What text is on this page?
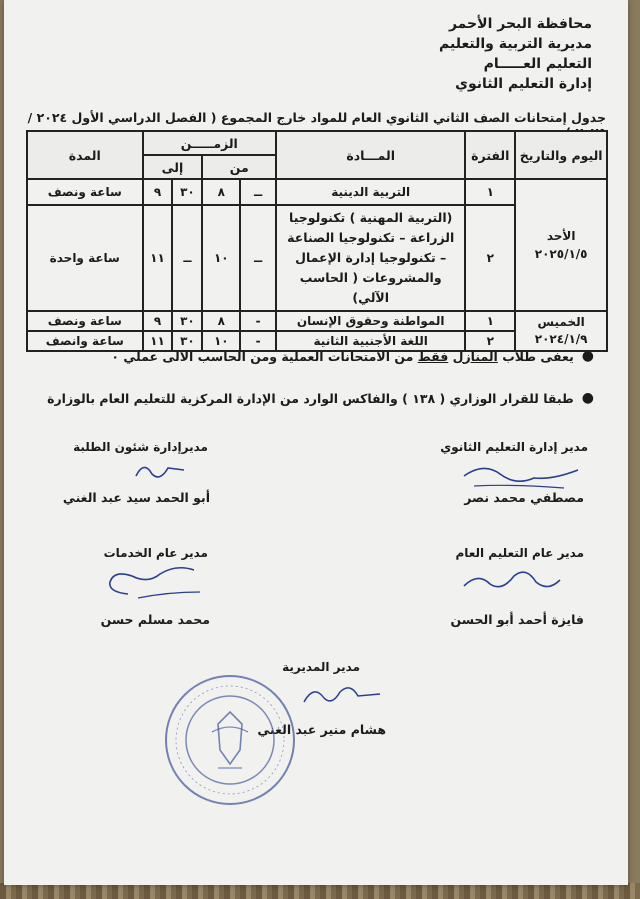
محافظة البحر الأحمر
مديرية التربية والتعليم
التعليم العـــــام
إدارة التعليم الثانوي
جدول إمتحانات الصف الثاني الثانوي العام للمواد خارج المجموع ( الفصل الدراسي الأول ٢٠٢٤ /
اليوم والتاريخ	الفترة	المـــادة	الزمـــــن				المدة
			من		إلى		

الأحد
٢٠٢٥/١/٥	١	التربية الدينية	ــ	٨	٣٠	٩	ساعة ونصف
	٢	(التربية المهنية ) تكنولوجيا الزراعة – تكنولوجيا الصناعة – تكنولوجيا إدارة الإعمال والمشروعات ( الحاسب الآلي)	ــ	١٠	ــ	١١	ساعة واحدة

الخميس
٢٠٢٤/١/٩	١	المواطنة وحقوق الإنسان	-	٨	٣٠	٩	ساعة ونصف
	٢	اللغة الأجنبية الثانية	-	١٠	٣٠	١١	ساعة وانصف
●
يعفى طلاب المنازل فقط من الامتحانات العملية ومن الحاسب الالى عملي ٠
●
طبقا للقرار الوزاري ( ١٣٨ ) والفاكس الوارد من الإدارة المركزية للتعليم العام بالوزارة
مدير إدارة التعليم الثانوي
مصطفي محمد نصر
مديرإدارة شئون الطلبة
أبو الحمد سيد عبد الغني
مدير عام التعليم العام
فايزة أحمد أبو الحسن
مدير عام الخدمات
محمد مسلم حسن
مدير المديرية
هشام منير عبد الغني
